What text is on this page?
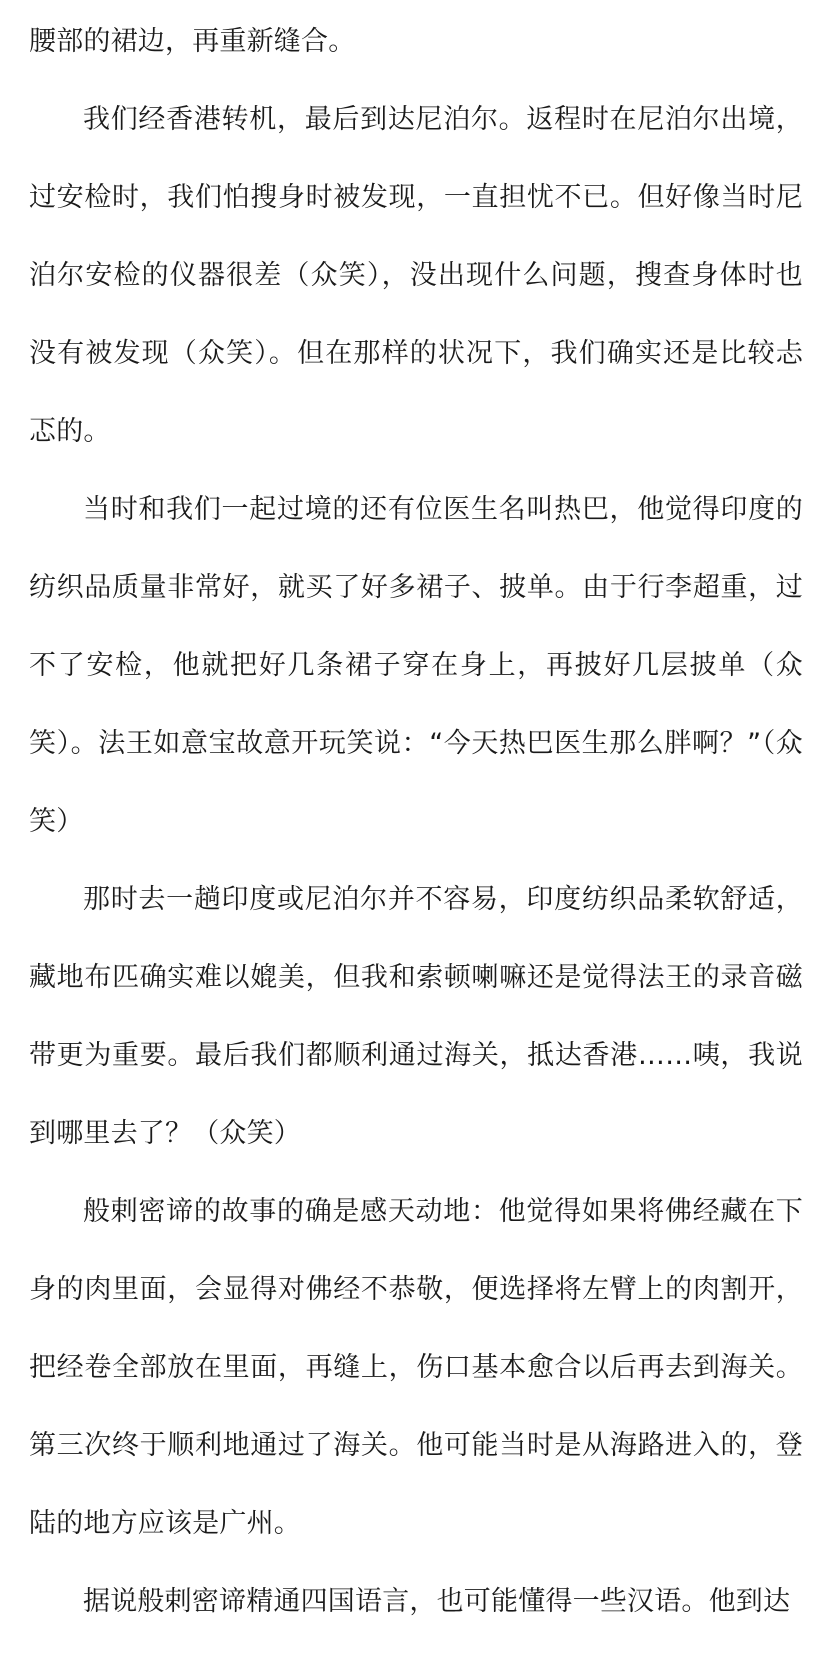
腰部的裙边，再重新缝合。

我们经香港转机，最后到达尼泊尔。返程时在尼泊尔出境，过安检时，我们怕搜身时被发现，一直担忧不已。但好像当时尼泊尔安检的仪器很差（众笑），没出现什么问题，搜查身体时也没有被发现（众笑）。但在那样的状况下，我们确实还是比较忐忑的。

当时和我们一起过境的还有位医生名叫热巴，他觉得印度的纺织品质量非常好，就买了好多裙子、披单。由于行李超重，过不了安检，他就把好几条裙子穿在身上，再披好几层披单（众笑）。法王如意宝故意开玩笑说：“今天热巴医生那么胖啊？”（众笑）

那时去一趟印度或尼泊尔并不容易，印度纺织品柔软舒适，藏地布匹确实难以媲美，但我和索顿喇嘛还是觉得法王的录音磁带更为重要。最后我们都顺利通过海关，抵达香港……咦，我说到哪里去了？（众笑）

般剌密谛的故事的确是感天动地：他觉得如果将佛经藏在下身的肉里面，会显得对佛经不恭敬，便选择将左臂上的肉割开，把经卷全部放在里面，再缝上，伤口基本愈合以后再去到海关。第三次终于顺利地通过了海关。他可能当时是从海路进入的，登陆的地方应该是广州。

据说般剌密谛精通四国语言，也可能懂得一些汉语。他到达
